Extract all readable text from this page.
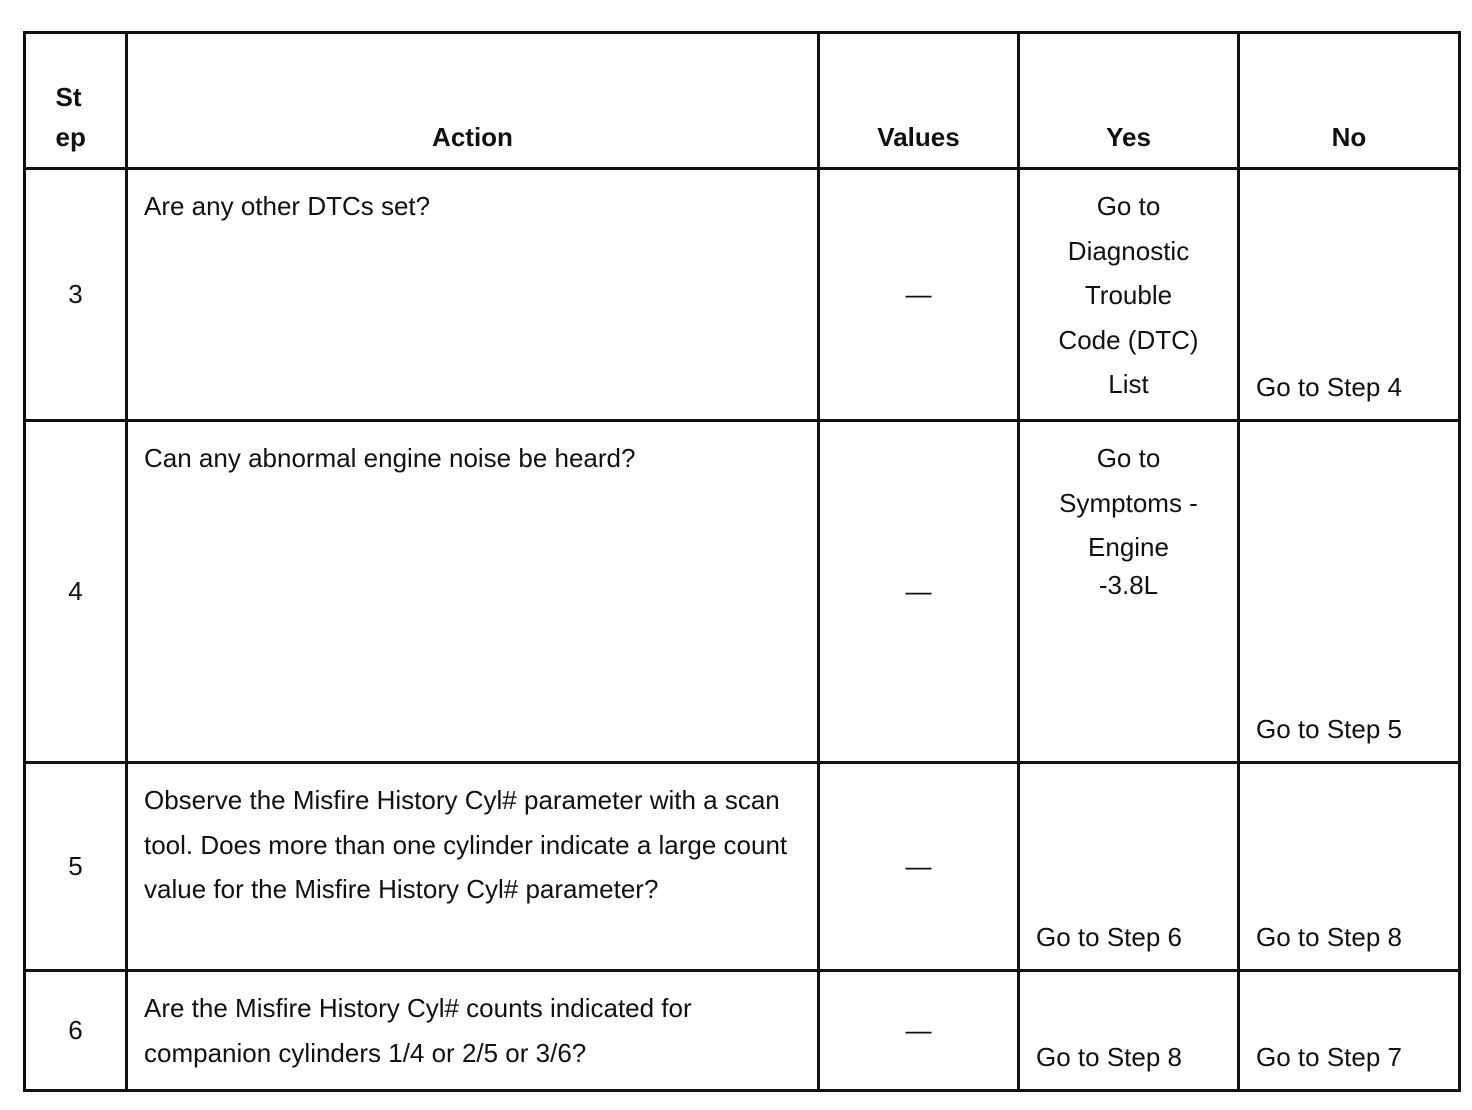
Step	Action	Values	Yes	No
3	Are any other DTCs set?	—	Go to
Diagnostic
Trouble
Code (DTC)
List	Go to Step 4
4	Can any abnormal engine noise be heard?	—	Go to
Symptoms -
Engine
-3.8L	Go to Step 5
5	Observe the Misfire History Cyl# parameter with a scan tool. Does more than one cylinder indicate a large count value for the Misfire History Cyl# parameter?	—	Go to Step 6	Go to Step 8
6	Are the Misfire History Cyl# counts indicated for companion cylinders 1/4 or 2/5 or 3/6?	—	Go to Step 8	Go to Step 7
